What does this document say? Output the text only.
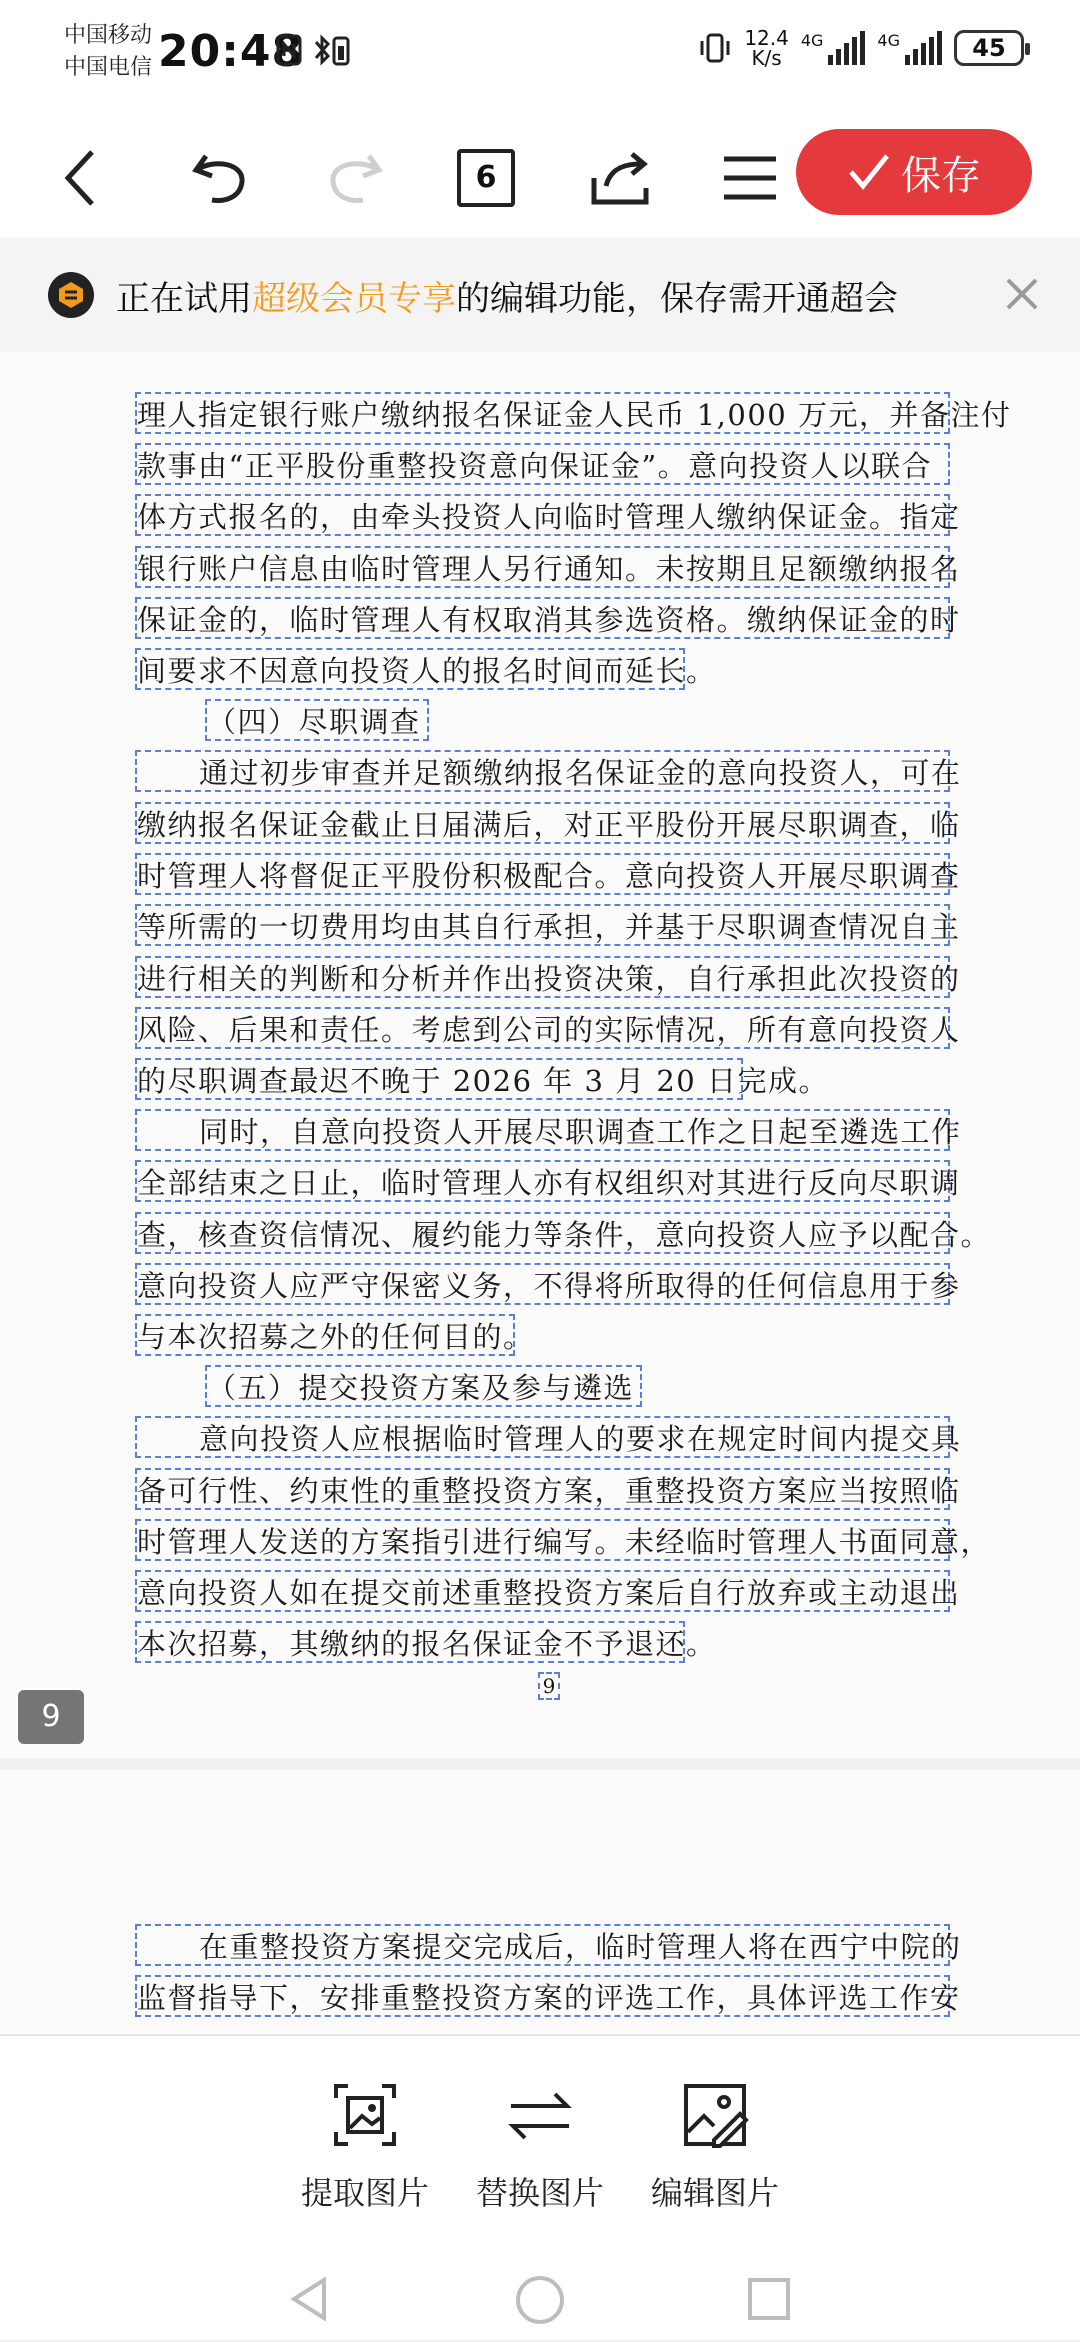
中国移动
中国电信 20:48	12.4
K/s
4G	4G	45
6	保存
正在试用超级会员专享的编辑功能，保存需开通超会
理人指定银行账户缴纳报名保证金人民币 1,000 万元，并备注付
款事由“正平股份重整投资意向保证金”。意向投资人以联合
体方式报名的，由牵头投资人向临时管理人缴纳保证金。指定
银行账户信息由临时管理人另行通知。未按期且足额缴纳报名
保证金的，临时管理人有权取消其参选资格。缴纳保证金的时
间要求不因意向投资人的报名时间而延长。
（四）尽职调查
通过初步审查并足额缴纳报名保证金的意向投资人，可在
缴纳报名保证金截止日届满后，对正平股份开展尽职调查，临
时管理人将督促正平股份积极配合。意向投资人开展尽职调查
等所需的一切费用均由其自行承担，并基于尽职调查情况自主
进行相关的判断和分析并作出投资决策，自行承担此次投资的
风险、后果和责任。考虑到公司的实际情况，所有意向投资人
的尽职调查最迟不晚于 2026 年 3 月 20 日完成。
同时，自意向投资人开展尽职调查工作之日起至遴选工作
全部结束之日止，临时管理人亦有权组织对其进行反向尽职调
查，核查资信情况、履约能力等条件，意向投资人应予以配合。
意向投资人应严守保密义务，不得将所取得的任何信息用于参
与本次招募之外的任何目的。
（五）提交投资方案及参与遴选
意向投资人应根据临时管理人的要求在规定时间内提交具
备可行性、约束性的重整投资方案，重整投资方案应当按照临
时管理人发送的方案指引进行编写。未经临时管理人书面同意，
意向投资人如在提交前述重整投资方案后自行放弃或主动退出
本次招募，其缴纳的报名保证金不予退还。
9
9
在重整投资方案提交完成后，临时管理人将在西宁中院的
监督指导下，安排重整投资方案的评选工作，具体评选工作安
提取图片	替换图片	编辑图片
